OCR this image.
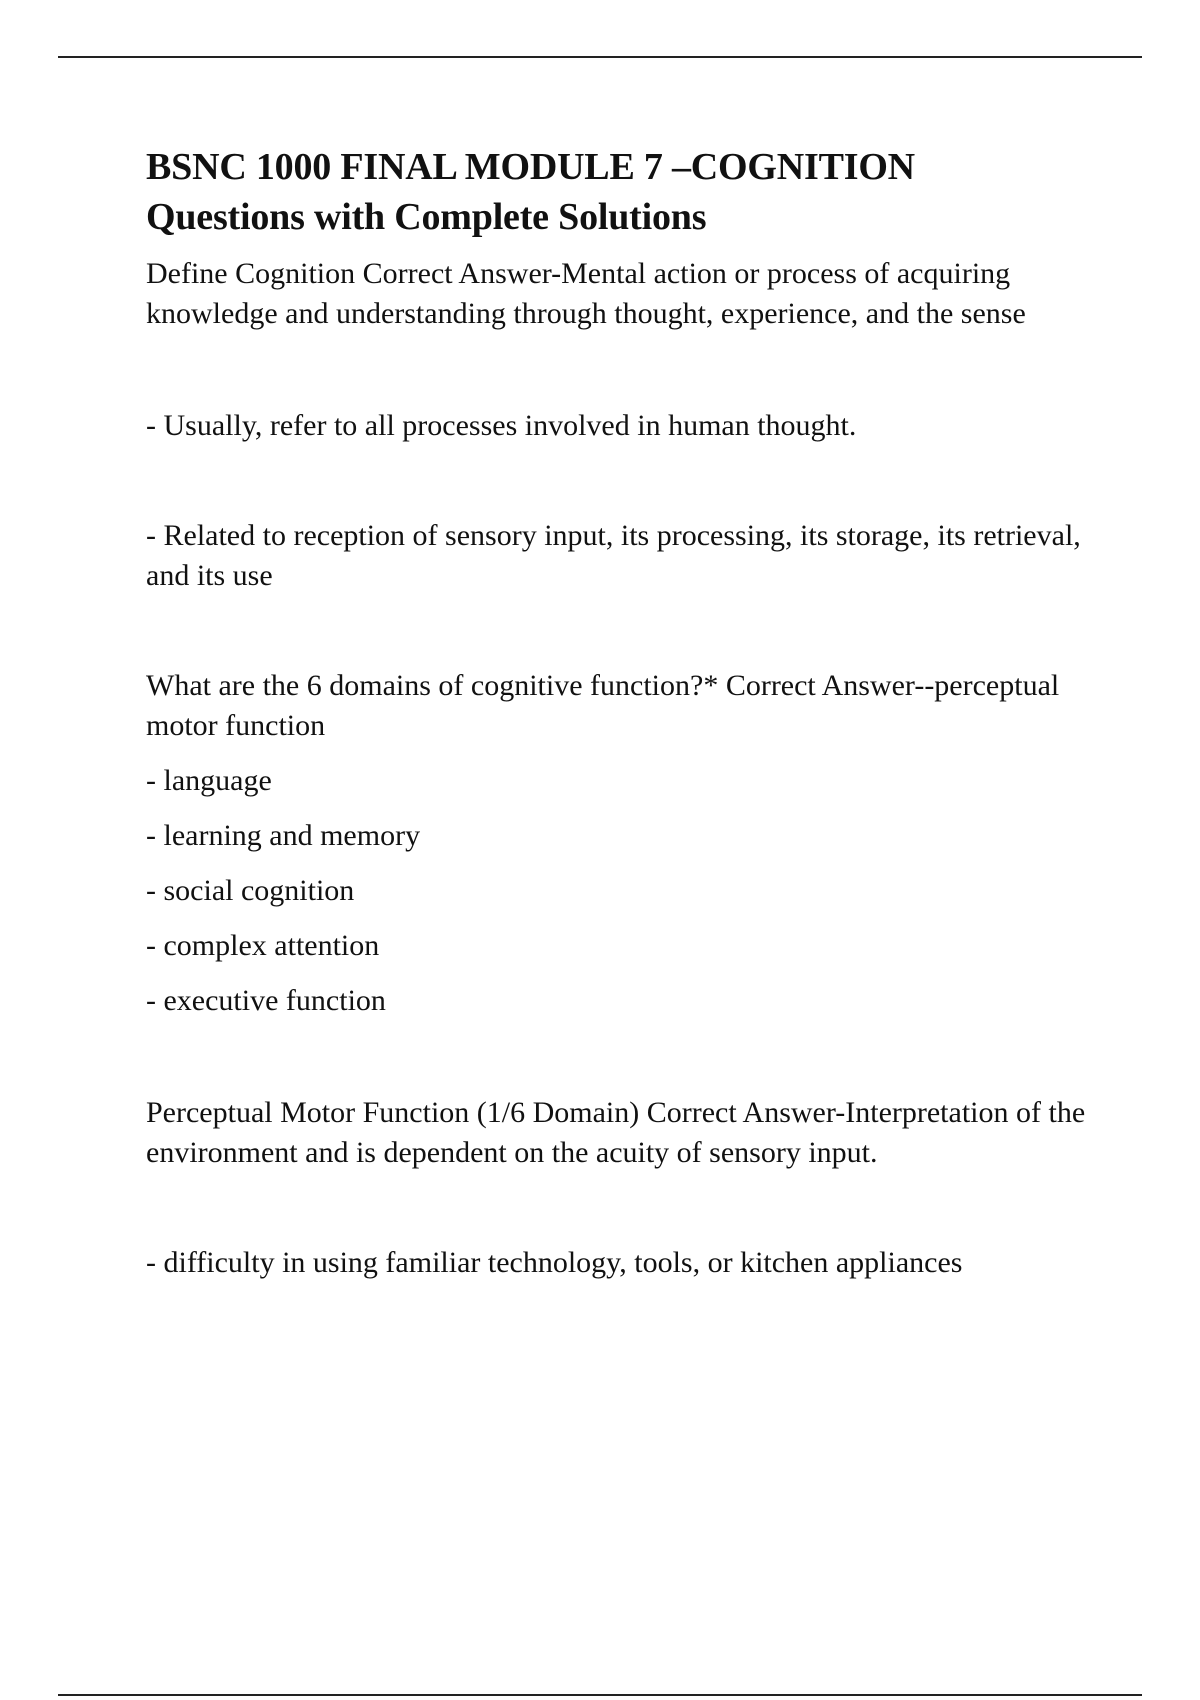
BSNC 1000 FINAL MODULE 7 –COGNITION
Questions with Complete Solutions

Define Cognition Correct Answer-Mental action or process of acquiring knowledge and understanding through thought, experience, and the sense

- Usually, refer to all processes involved in human thought.

- Related to reception of sensory input, its processing, its storage, its retrieval, and its use

What are the 6 domains of cognitive function?* Correct Answer--perceptual motor function

- language

- learning and memory

- social cognition

- complex attention

- executive function

Perceptual Motor Function (1/6 Domain) Correct Answer-Interpretation of the environment and is dependent on the acuity of sensory input.

- difficulty in using familiar technology, tools, or kitchen appliances
